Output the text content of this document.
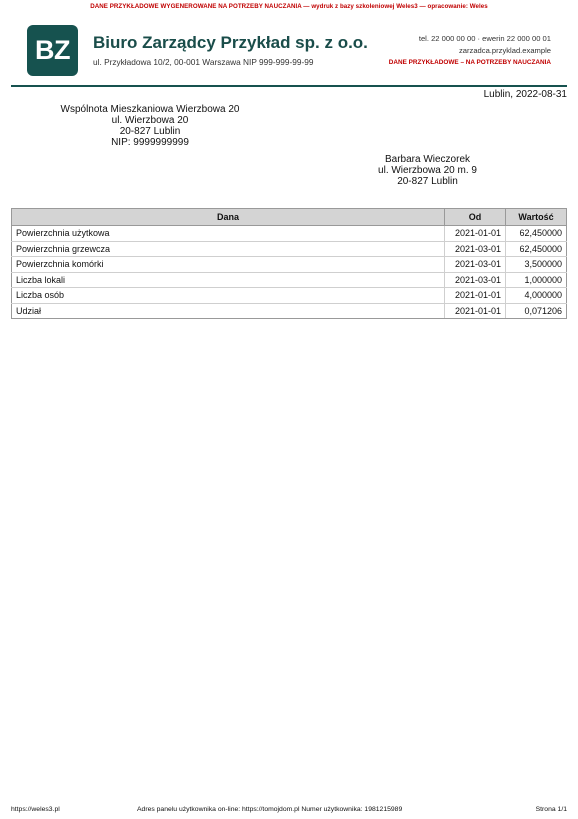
DANE PRZYKŁADOWE WYGENEROWANE NA POTRZEBY NAUCZANIA — wydruk z bazy szkoleniowej Weles3 — opracowanie: Weles
BZ	Biuro Zarządcy Przykład sp. z o.o.
ul. Przykładowa 10/2, 00-001 Warszawa NIP 999-999-99-99
tel. 22 000 00 00 · ewerin 22 000 00 01
zarzadca.przyklad.example
DANE PRZYKŁADOWE – NA POTRZEBY NAUCZANIA
Lublin, 2022-08-31
Wspólnota Mieszkaniowa Wierzbowa 20
ul. Wierzbowa 20
20-827 Lublin
NIP: 9999999999
Barbara Wieczorek
ul. Wierzbowa 20 m. 9
20-827 Lublin
Dana	Od	Wartość
Powierzchnia użytkowa	2021-01-01	62,450000
Powierzchnia grzewcza	2021-03-01	62,450000
Powierzchnia komórki	2021-03-01	3,500000
Liczba lokali	2021-03-01	1,000000
Liczba osób	2021-01-01	4,000000
Udział	2021-01-01	0,071206
https://weles3.pl	Adres panelu użytkownika on-line: https://tomojdom.pl Numer użytkownika: 1981215989	Strona 1/1
